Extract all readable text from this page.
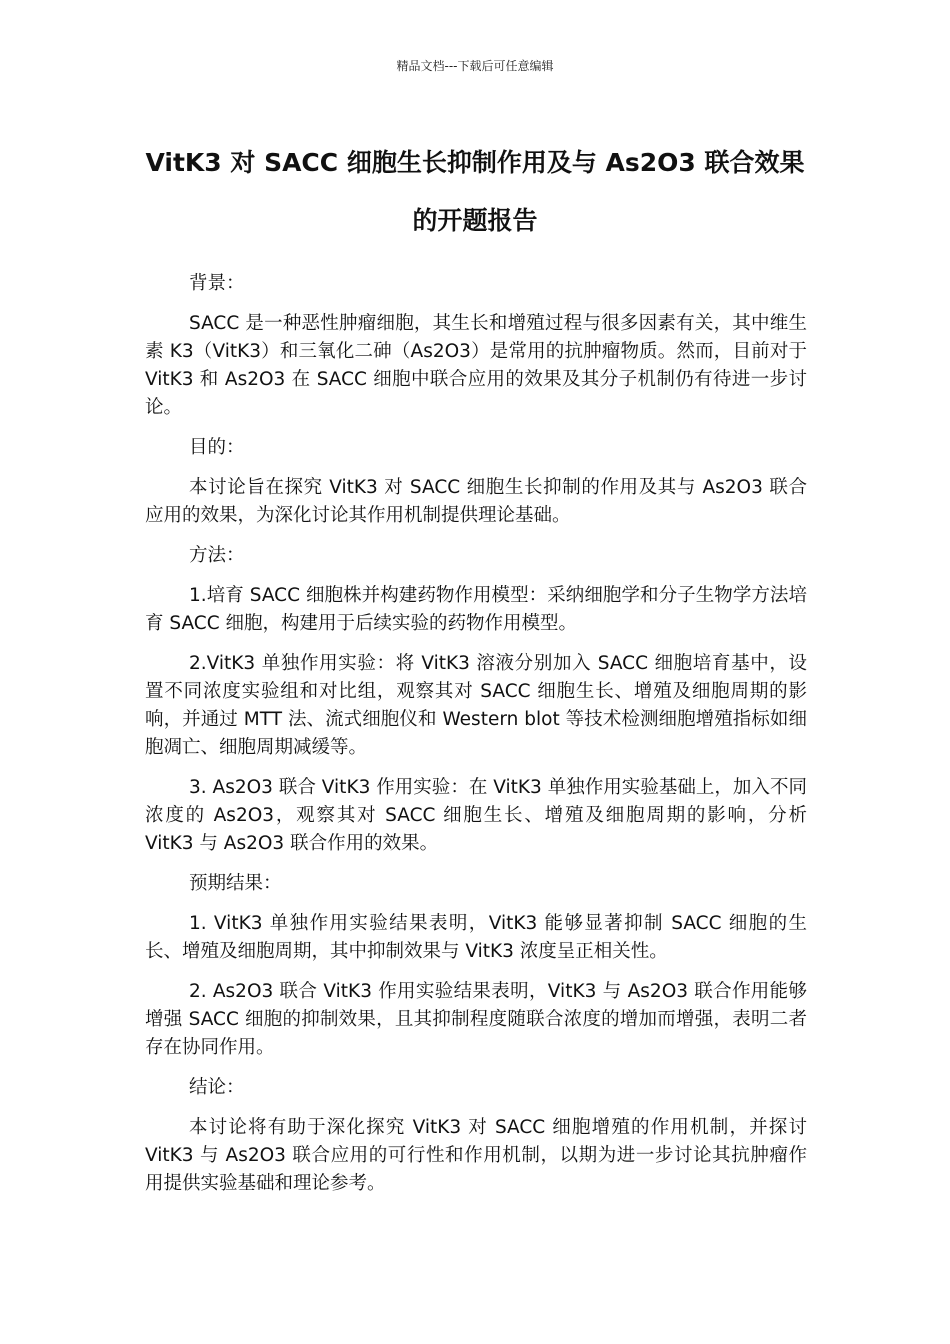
精品文档---下载后可任意编辑
VitK3 对 SACC 细胞生长抑制作用及与 As2O3 联合效果的开题报告

背景：

SACC 是一种恶性肿瘤细胞，其生长和增殖过程与很多因素有关，其中维生素 K3（VitK3）和三氧化二砷（As2O3）是常用的抗肿瘤物质。然而，目前对于 VitK3 和 As2O3 在 SACC 细胞中联合应用的效果及其分子机制仍有待进一步讨论。

目的：

本讨论旨在探究 VitK3 对 SACC 细胞生长抑制的作用及其与 As2O3 联合应用的效果，为深化讨论其作用机制提供理论基础。

方法：

1.培育 SACC 细胞株并构建药物作用模型：采纳细胞学和分子生物学方法培育 SACC 细胞，构建用于后续实验的药物作用模型。

2.VitK3 单独作用实验：将 VitK3 溶液分别加入 SACC 细胞培育基中，设置不同浓度实验组和对比组，观察其对 SACC 细胞生长、增殖及细胞周期的影响，并通过 MTT 法、流式细胞仪和 Western blot 等技术检测细胞增殖指标如细胞凋亡、细胞周期减缓等。

3. As2O3 联合 VitK3 作用实验：在 VitK3 单独作用实验基础上，加入不同浓度的 As2O3，观察其对 SACC 细胞生长、增殖及细胞周期的影响，分析 VitK3 与 As2O3 联合作用的效果。

预期结果：

1. VitK3 单独作用实验结果表明，VitK3 能够显著抑制 SACC 细胞的生长、增殖及细胞周期，其中抑制效果与 VitK3 浓度呈正相关性。

2. As2O3 联合 VitK3 作用实验结果表明，VitK3 与 As2O3 联合作用能够增强 SACC 细胞的抑制效果，且其抑制程度随联合浓度的增加而增强，表明二者存在协同作用。

结论：

本讨论将有助于深化探究 VitK3 对 SACC 细胞增殖的作用机制，并探讨 VitK3 与 As2O3 联合应用的可行性和作用机制，以期为进一步讨论其抗肿瘤作用提供实验基础和理论参考。
